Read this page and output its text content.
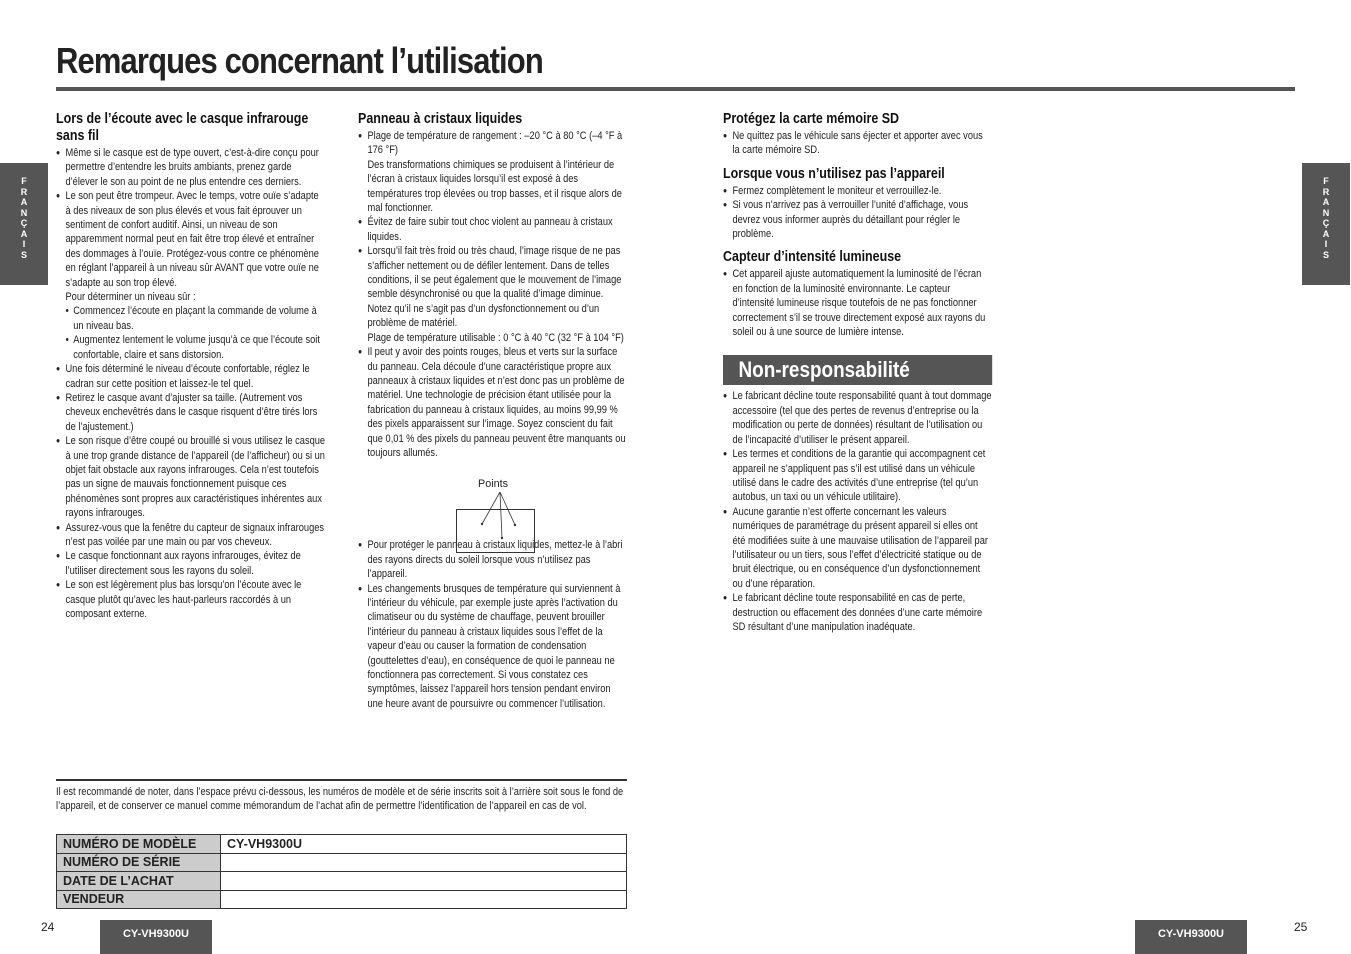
Remarques concernant l’utilisation
F
R
A
N
Ç
A
I
S
F
R
A
N
Ç
A
I
S
Lors de l’écoute avec le casque infrarouge sans fil
● Même si le casque est de type ouvert, c’est-à-dire conçu pour permettre d’entendre les bruits ambiants, prenez garde d’élever le son au point de ne plus entendre ces derniers.
● Le son peut être trompeur. Avec le temps, votre ouïe s’adapte à des niveaux de son plus élevés et vous fait éprouver un sentiment de confort auditif. Ainsi, un niveau de son apparemment normal peut en fait être trop élevé et entraîner des dommages à l’ouïe. Protégez-vous contre ce phénomène en réglant l’appareil à un niveau sûr AVANT que votre ouïe ne s’adapte au son trop élevé.
Pour déterminer un niveau sûr :
• Commencez l’écoute en plaçant la commande de volume à un niveau bas.
• Augmentez lentement le volume jusqu’à ce que l’écoute soit confortable, claire et sans distorsion.
● Une fois déterminé le niveau d’écoute confortable, réglez le cadran sur cette position et laissez-le tel quel.
● Retirez le casque avant d’ajuster sa taille. (Autrement vos cheveux enchevêtrés dans le casque risquent d’être tirés lors de l’ajustement.)
● Le son risque d’être coupé ou brouillé si vous utilisez le casque à une trop grande distance de l’appareil (de l’afficheur) ou si un objet fait obstacle aux rayons infrarouges. Cela n’est toutefois pas un signe de mauvais fonctionnement puisque ces phénomènes sont propres aux caractéristiques inhérentes aux rayons infrarouges.
● Assurez-vous que la fenêtre du capteur de signaux infrarouges n’est pas voilée par une main ou par vos cheveux.
● Le casque fonctionnant aux rayons infrarouges, évitez de l’utiliser directement sous les rayons du soleil.
● Le son est légèrement plus bas lorsqu’on l’écoute avec le casque plutôt qu’avec les haut-parleurs raccordés à un composant externe.
Panneau à cristaux liquides
● Plage de température de rangement : –20 °C à 80 °C (–4 °F à 176 °F)
Des transformations chimiques se produisent à l’intérieur de l’écran à cristaux liquides lorsqu’il est exposé à des températures trop élevées ou trop basses, et il risque alors de mal fonctionner.
● Évitez de faire subir tout choc violent au panneau à cristaux liquides.
● Lorsqu’il fait très froid ou très chaud, l’image risque de ne pas s’afficher nettement ou de défiler lentement. Dans de telles conditions, il se peut également que le mouvement de l’image semble désynchronisé ou que la qualité d’image diminue. Notez qu’il ne s’agit pas d’un dysfonctionnement ou d’un problème de matériel.
Plage de température utilisable : 0 °C à 40 °C (32 °F à 104 °F)
● Il peut y avoir des points rouges, bleus et verts sur la surface du panneau. Cela découle d’une caractéristique propre aux panneaux à cristaux liquides et n’est donc pas un problème de matériel. Une technologie de précision étant utilisée pour la fabrication du panneau à cristaux liquides, au moins 99,99 % des pixels apparaissent sur l’image. Soyez conscient du fait que 0,01 % des pixels du panneau peuvent être manquants ou toujours allumés.
● Pour protéger le panneau à cristaux liquides, mettez-le à l’abri des rayons directs du soleil lorsque vous n’utilisez pas l’appareil.
● Les changements brusques de température qui surviennent à l’intérieur du véhicule, par exemple juste après l’activation du climatiseur ou du système de chauffage, peuvent brouiller l’intérieur du panneau à cristaux liquides sous l’effet de la vapeur d’eau ou causer la formation de condensation (gouttelettes d’eau), en conséquence de quoi le panneau ne fonctionnera pas correctement. Si vous constatez ces symptômes, laissez l’appareil hors tension pendant environ une heure avant de poursuivre ou commencer l’utilisation.
Points
Protégez la carte mémoire SD
● Ne quittez pas le véhicule sans éjecter et apporter avec vous la carte mémoire SD.
Lorsque vous n’utilisez pas l’appareil
● Fermez complètement le moniteur et verrouillez-le.
● Si vous n’arrivez pas à verrouiller l’unité d’affichage, vous devrez vous informer auprès du détaillant pour régler le problème.
Capteur d’intensité lumineuse
● Cet appareil ajuste automatiquement la luminosité de l’écran en fonction de la luminosité environnante. Le capteur d’intensité lumineuse risque toutefois de ne pas fonctionner correctement s’il se trouve directement exposé aux rayons du soleil ou à une source de lumière intense.
Non-responsabilité
● Le fabricant décline toute responsabilité quant à tout dommage accessoire (tel que des pertes de revenus d’entreprise ou la modification ou perte de données) résultant de l’utilisation ou de l’incapacité d’utiliser le présent appareil.
● Les termes et conditions de la garantie qui accompagnent cet appareil ne s’appliquent pas s’il est utilisé dans un véhicule utilisé dans le cadre des activités d’une entreprise (tel qu’un autobus, un taxi ou un véhicule utilitaire).
● Aucune garantie n’est offerte concernant les valeurs numériques de paramétrage du présent appareil si elles ont été modifiées suite à une mauvaise utilisation de l’appareil par l’utilisateur ou un tiers, sous l’effet d’électricité statique ou de bruit électrique, ou en conséquence d’un dysfonctionnement ou d’une réparation.
● Le fabricant décline toute responsabilité en cas de perte, destruction ou effacement des données d’une carte mémoire SD résultant d’une manipulation inadéquate.
Il est recommandé de noter, dans l’espace prévu ci-dessous, les numéros de modèle et de série inscrits soit à l’arrière soit sous le fond de l’appareil, et de conserver ce manuel comme mémorandum de l’achat afin de permettre l’identification de l’appareil en cas de vol.
NUMÉRO DE MODÈLE	CY-VH9300U
NUMÉRO DE SÉRIE	
DATE DE L’ACHAT	
VENDEUR	
24	CY-VH9300U	CY-VH9300U	25
